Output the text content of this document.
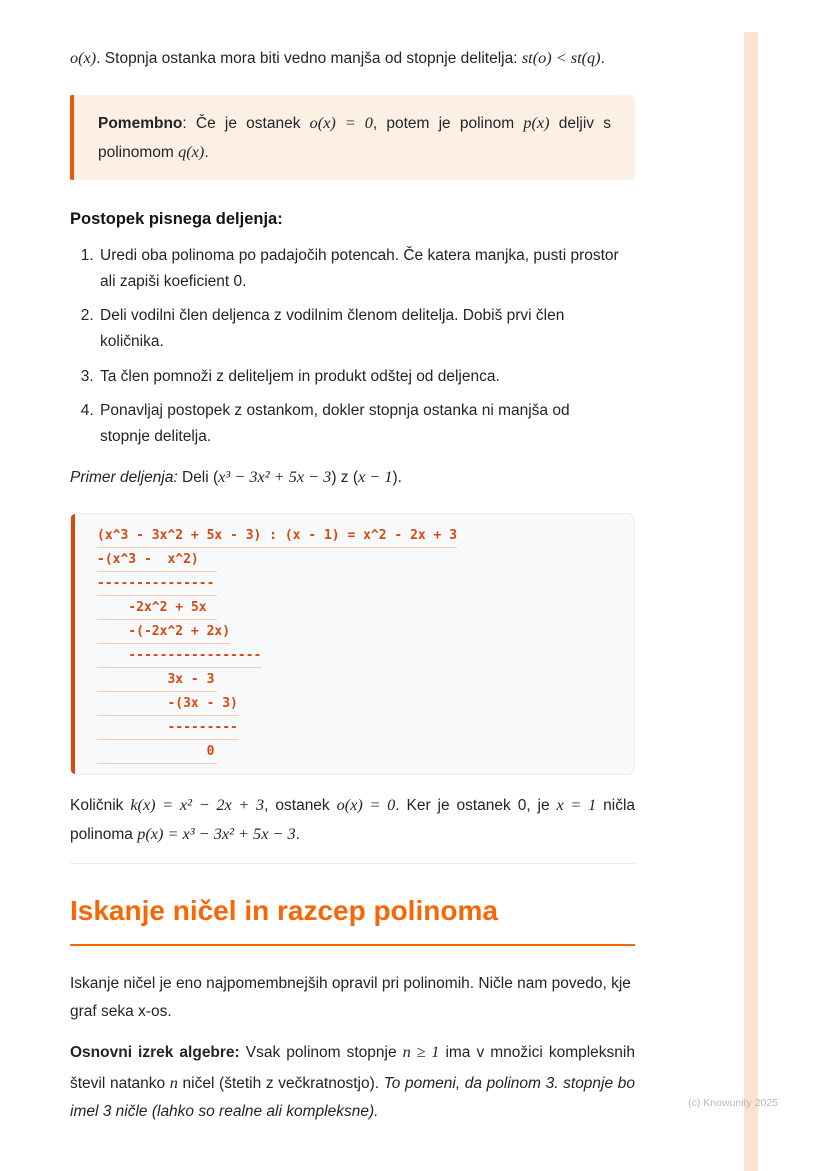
o(x). Stopnja ostanka mora biti vedno manjša od stopnje delitelja: st(o) < st(q).

Pomembno: Če je ostanek o(x) = 0, potem je polinom p(x) deljiv s polinomom q(x).

Postopek pisnega deljenja:
1. Uredi oba polinoma po padajočih potencah. Če katera manjka, pusti prostor ali zapiši koeficient 0.
2. Deli vodilni člen deljenca z vodilnim členom delitelja. Dobiš prvi člen količnika.
3. Ta člen pomnoži z deliteljem in produkt odštej od deljenca.
4. Ponavljaj postopek z ostankom, dokler stopnja ostanka ni manjša od stopnje delitelja.

Primer deljenja: Deli (x³ − 3x² + 5x − 3) z (x − 1).

(x^3 - 3x^2 + 5x - 3) : (x - 1) = x^2 - 2x + 3
-(x^3 -  x^2)
---------------
-2x^2 + 5x
-(-2x^2 + 2x)
-----------------
3x - 3
-(3x - 3)
---------
0

Količnik k(x) = x² − 2x + 3, ostanek o(x) = 0. Ker je ostanek 0, je x = 1 ničla polinoma p(x) = x³ − 3x² + 5x − 3.

Iskanje ničel in razcep polinoma

Iskanje ničel je eno najpomembnejših opravil pri polinomih. Ničle nam povedo, kje graf seka x-os.

Osnovni izrek algebre: Vsak polinom stopnje n ≥ 1 ima v množici kompleksnih števil natanko n ničel (štetih z večkratnostjo). To pomeni, da polinom 3. stopnje bo imel 3 ničle (lahko so realne ali kompleksne).

(c) Knowunity 2025
